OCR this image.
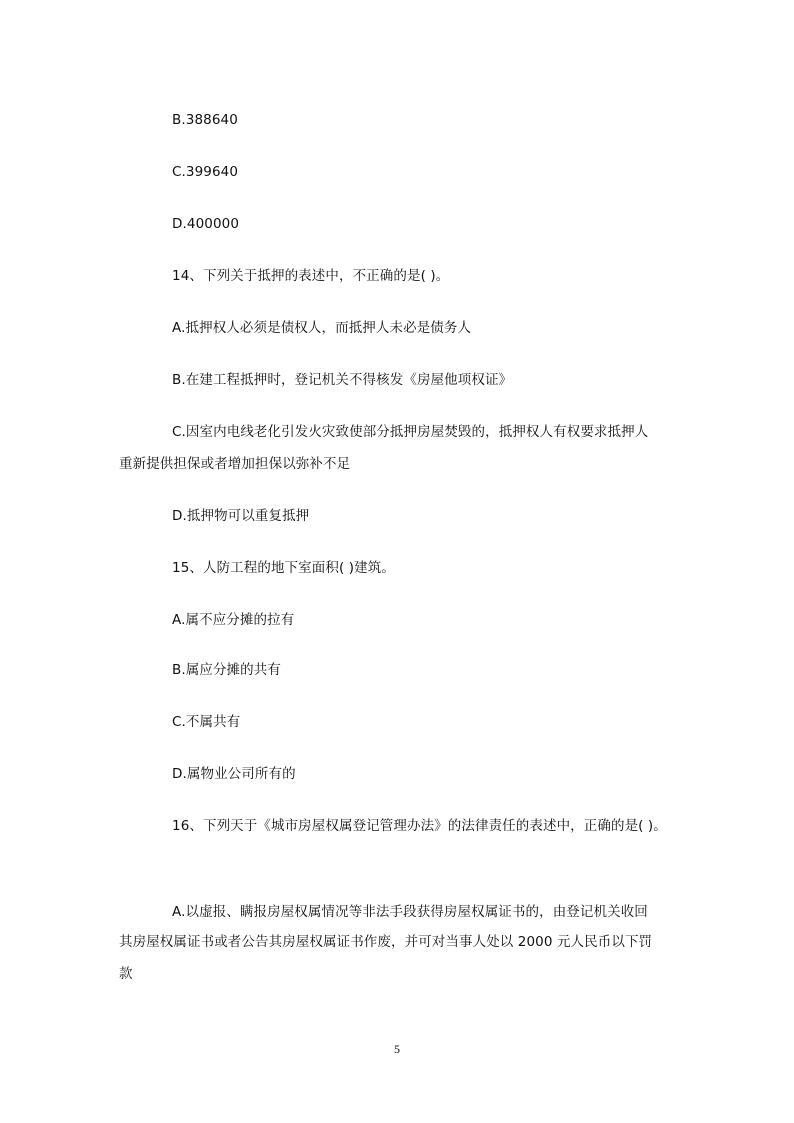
B.388640
C.399640
D.400000
14、下列关于抵押的表述中，不正确的是( )。
A.抵押权人必须是债权人，而抵押人未必是债务人
B.在建工程抵押时，登记机关不得核发《房屋他项权证》
C.因室内电线老化引发火灾致使部分抵押房屋焚毁的，抵押权人有权要求抵押人
重新提供担保或者增加担保以弥补不足
D.抵押物可以重复抵押
15、人防工程的地下室面积( )建筑。
A.属不应分摊的拉有
B.属应分摊的共有
C.不属共有
D.属物业公司所有的
16、下列天于《城市房屋权属登记管理办法》的法律责任的表述中，正确的是( )。
A.以虚报、瞒报房屋权属情况等非法手段获得房屋权属证书的，由登记机关收回
其房屋权属证书或者公告其房屋权属证书作废，并可对当事人处以 2000 元人民币以下罚
款
5
